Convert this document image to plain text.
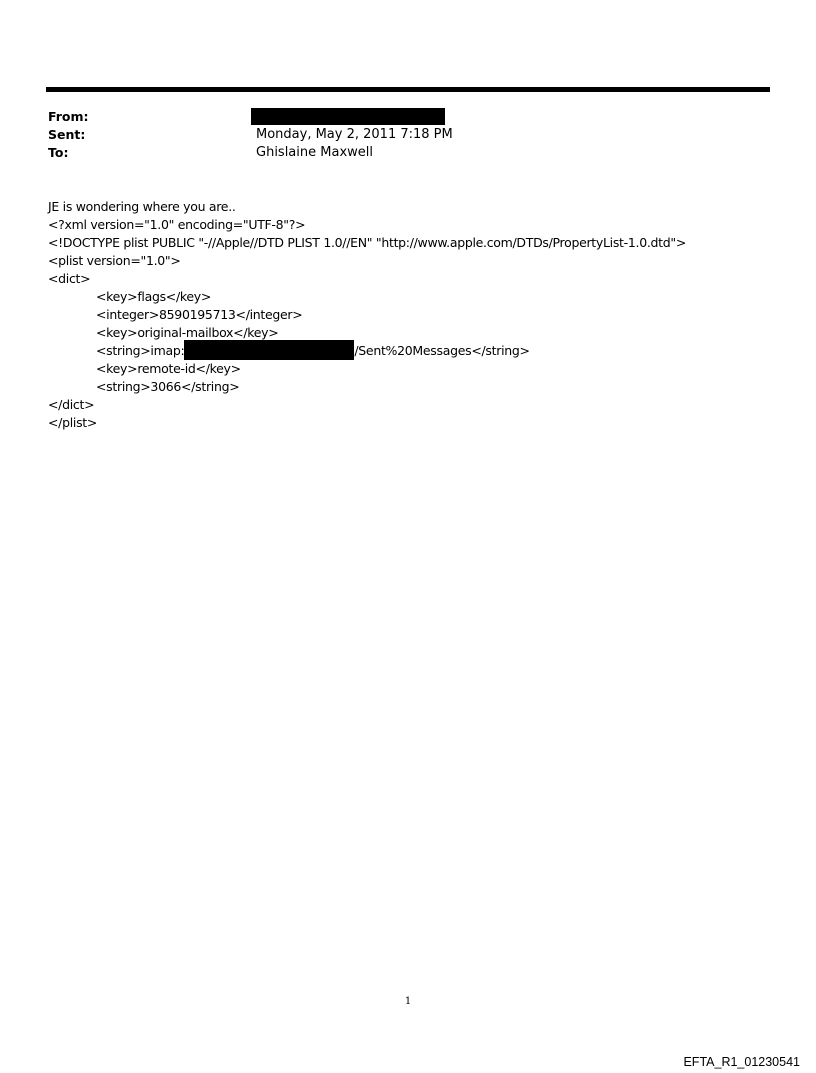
From:
Sent:	Monday, May 2, 2011 7:18 PM
To:	Ghislaine Maxwell
JE is wondering where you are..
<?xml version="1.0" encoding="UTF-8"?>
<!DOCTYPE plist PUBLIC "-//Apple//DTD PLIST 1.0//EN" "http://www.apple.com/DTDs/PropertyList-1.0.dtd">
<plist version="1.0">
<dict>
<key>flags</key>
<integer>8590195713</integer>
<key>original-mailbox</key>
<string>imap:	/Sent%20Messages</string>
<key>remote-id</key>
<string>3066</string>
</dict>
</plist>
1
EFTA_R1_01230541
